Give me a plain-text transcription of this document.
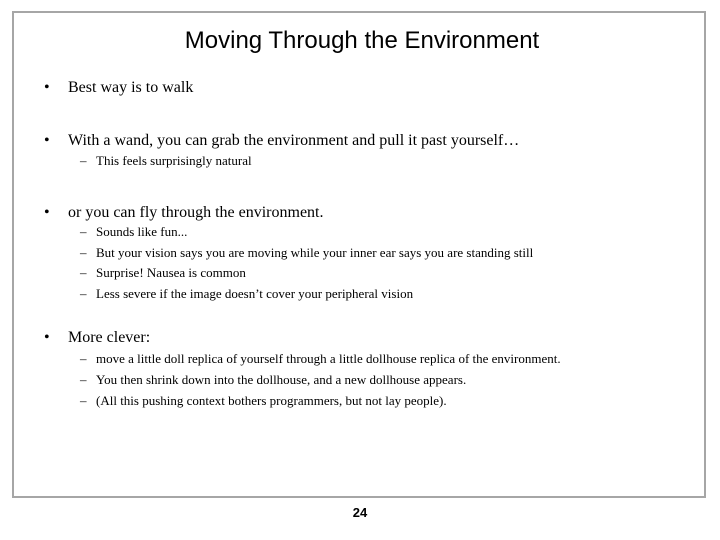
Moving Through the Environment
• Best way is to walk
• With a wand, you can grab the environment and pull it past yourself…
– This feels surprisingly natural
• or you can fly through the environment.
– Sounds like fun...
– But your vision says you are moving while your inner ear says you are standing still
– Surprise! Nausea is common
– Less severe if the image doesn’t cover your peripheral vision
• More clever:
– move a little doll replica of yourself through a little dollhouse replica of the environment.
– You then shrink down into the dollhouse, and a new dollhouse appears.
– (All this pushing context bothers programmers, but not lay people).
24
